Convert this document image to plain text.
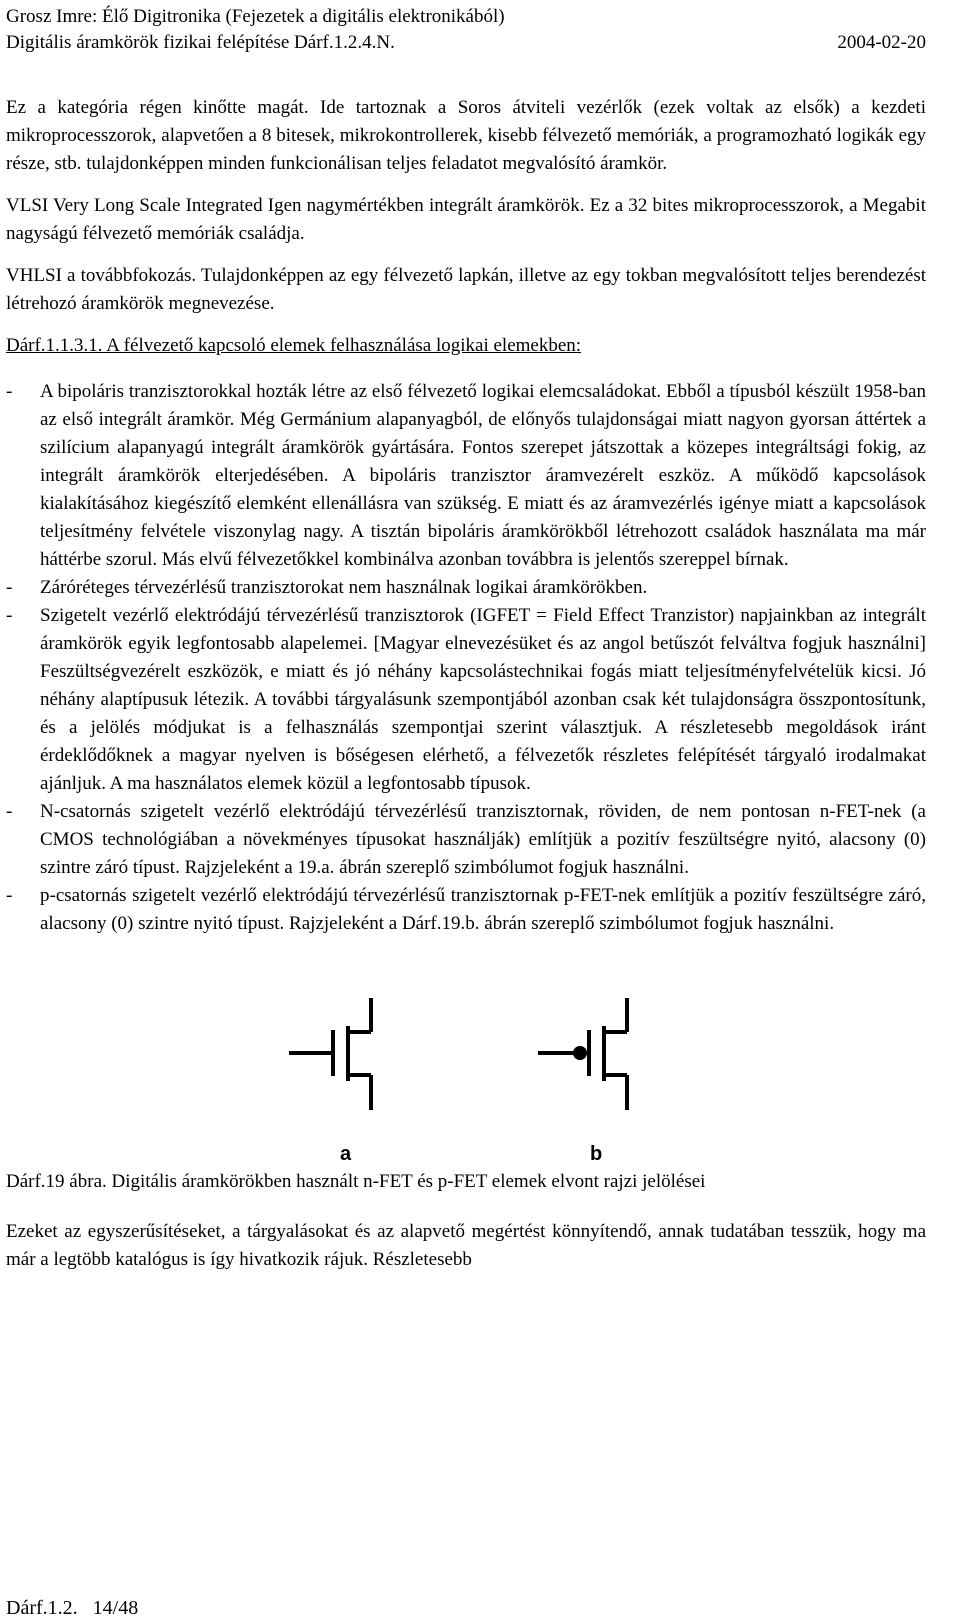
Grosz Imre: Élő Digitronika (Fejezetek a digitális elektronikából)
Digitális áramkörök fizikai felépítése Dárf.1.2.4.N.	2004-02-20

Ez a kategória régen kinőtte magát. Ide tartoznak a Soros átviteli vezérlők (ezek voltak az elsők) a kezdeti mikroprocesszorok, alapvetően a 8 bitesek, mikrokontrollerek, kisebb félvezető memóriák, a programozható logikák egy része, stb. tulajdonképpen minden funkcionálisan teljes feladatot megvalósító áramkör.

VLSI Very Long Scale Integrated Igen nagymértékben integrált áramkörök. Ez a 32 bites mikroprocesszorok, a Megabit nagyságú félvezető memóriák családja.

VHLSI a továbbfokozás. Tulajdonképpen az egy félvezető lapkán, illetve az egy tokban megvalósított teljes berendezést létrehozó áramkörök megnevezése.

Dárf.1.1.3.1. A félvezető kapcsoló elemek felhasználása logikai elemekben:

- A bipoláris tranzisztorokkal hozták létre az első félvezető logikai elemcsaládokat. Ebből a típusból készült 1958-ban az első integrált áramkör. Még Germánium alapanyagból, de előnyős tulajdonságai miatt nagyon gyorsan áttértek a szilícium alapanyagú integrált áramkörök gyártására. Fontos szerepet játszottak a közepes integráltsági fokig, az integrált áramkörök elterjedésében. A bipoláris tranzisztor áramvezérelt eszköz. A működő kapcsolások kialakításához kiegészítő elemként ellenállásra van szükség. E miatt és az áramvezérlés igénye miatt a kapcsolások teljesítmény felvétele viszonylag nagy. A tisztán bipoláris áramkörökből létrehozott családok használata ma már háttérbe szorul. Más elvű félvezetőkkel kombinálva azonban továbbra is jelentős szereppel bírnak.
- Záróréteges térvezérlésű tranzisztorokat nem használnak logikai áramkörökben.
- Szigetelt vezérlő elektródájú térvezérlésű tranzisztorok (IGFET = Field Effect Tranzistor) napjainkban az integrált áramkörök egyik legfontosabb alapelemei. [Magyar elnevezésüket és az angol betűszót felváltva fogjuk használni] Feszültségvezérelt eszközök, e miatt és jó néhány kapcsolástechnikai fogás miatt teljesítményfelvételük kicsi. Jó néhány alaptípusuk létezik. A további tárgyalásunk szempontjából azonban csak két tulajdonságra összpontosítunk, és a jelölés módjukat is a felhasználás szempontjai szerint választjuk. A részletesebb megoldások iránt érdeklődőknek a magyar nyelven is bőségesen elérhető, a félvezetők részletes felépítését tárgyaló irodalmakat ajánljuk. A ma használatos elemek közül a legfontosabb típusok.
- N-csatornás szigetelt vezérlő elektródájú térvezérlésű tranzisztornak, röviden, de nem pontosan n-FET-nek (a CMOS technológiában a növekményes típusokat használják) említjük a pozitív feszültségre nyitó, alacsony (0) szintre záró típust. Rajzjeleként a 19.a. ábrán szereplő szimbólumot fogjuk használni.
- p-csatornás szigetelt vezérlő elektródájú térvezérlésű tranzisztornak p-FET-nek említjük a pozitív feszültségre záró, alacsony (0) szintre nyitó típust. Rajzjeleként a Dárf.19.b. ábrán szereplő szimbólumot fogjuk használni.
a	b

Dárf.19 ábra. Digitális áramkörökben használt n-FET és p-FET elemek elvont rajzi jelölései

Ezeket az egyszerűsítéseket, a tárgyalásokat és az alapvető megértést könnyítendő, annak tudatában tesszük, hogy ma már a legtöbb katalógus is így hivatkozik rájuk. Részletesebb

Dárf.1.2.   14/48
